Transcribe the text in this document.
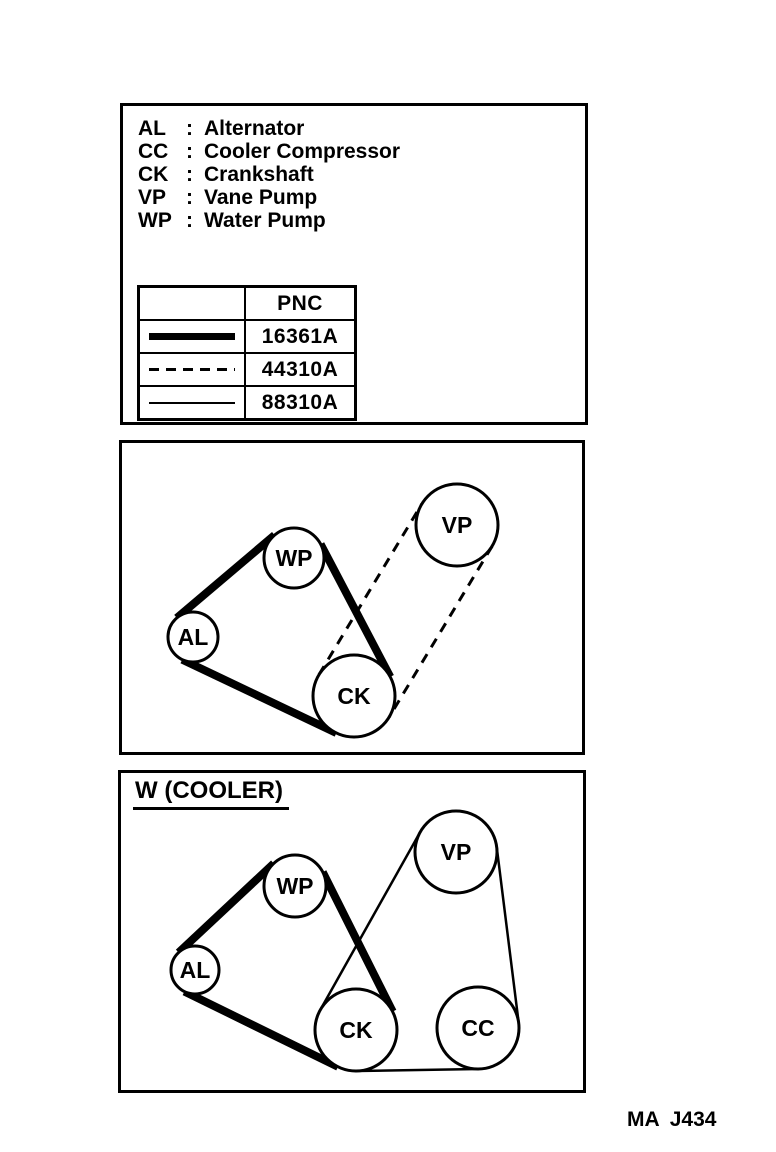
AL : Alternator
CC : Cooler Compressor
CK : Crankshaft
VP : Vane Pump
WP : Water Pump
PNC
16361A
44310A
88310A
WP
VP
AL
CK
W (COOLER)
WP
VP
AL
CK	CC
MA J434
